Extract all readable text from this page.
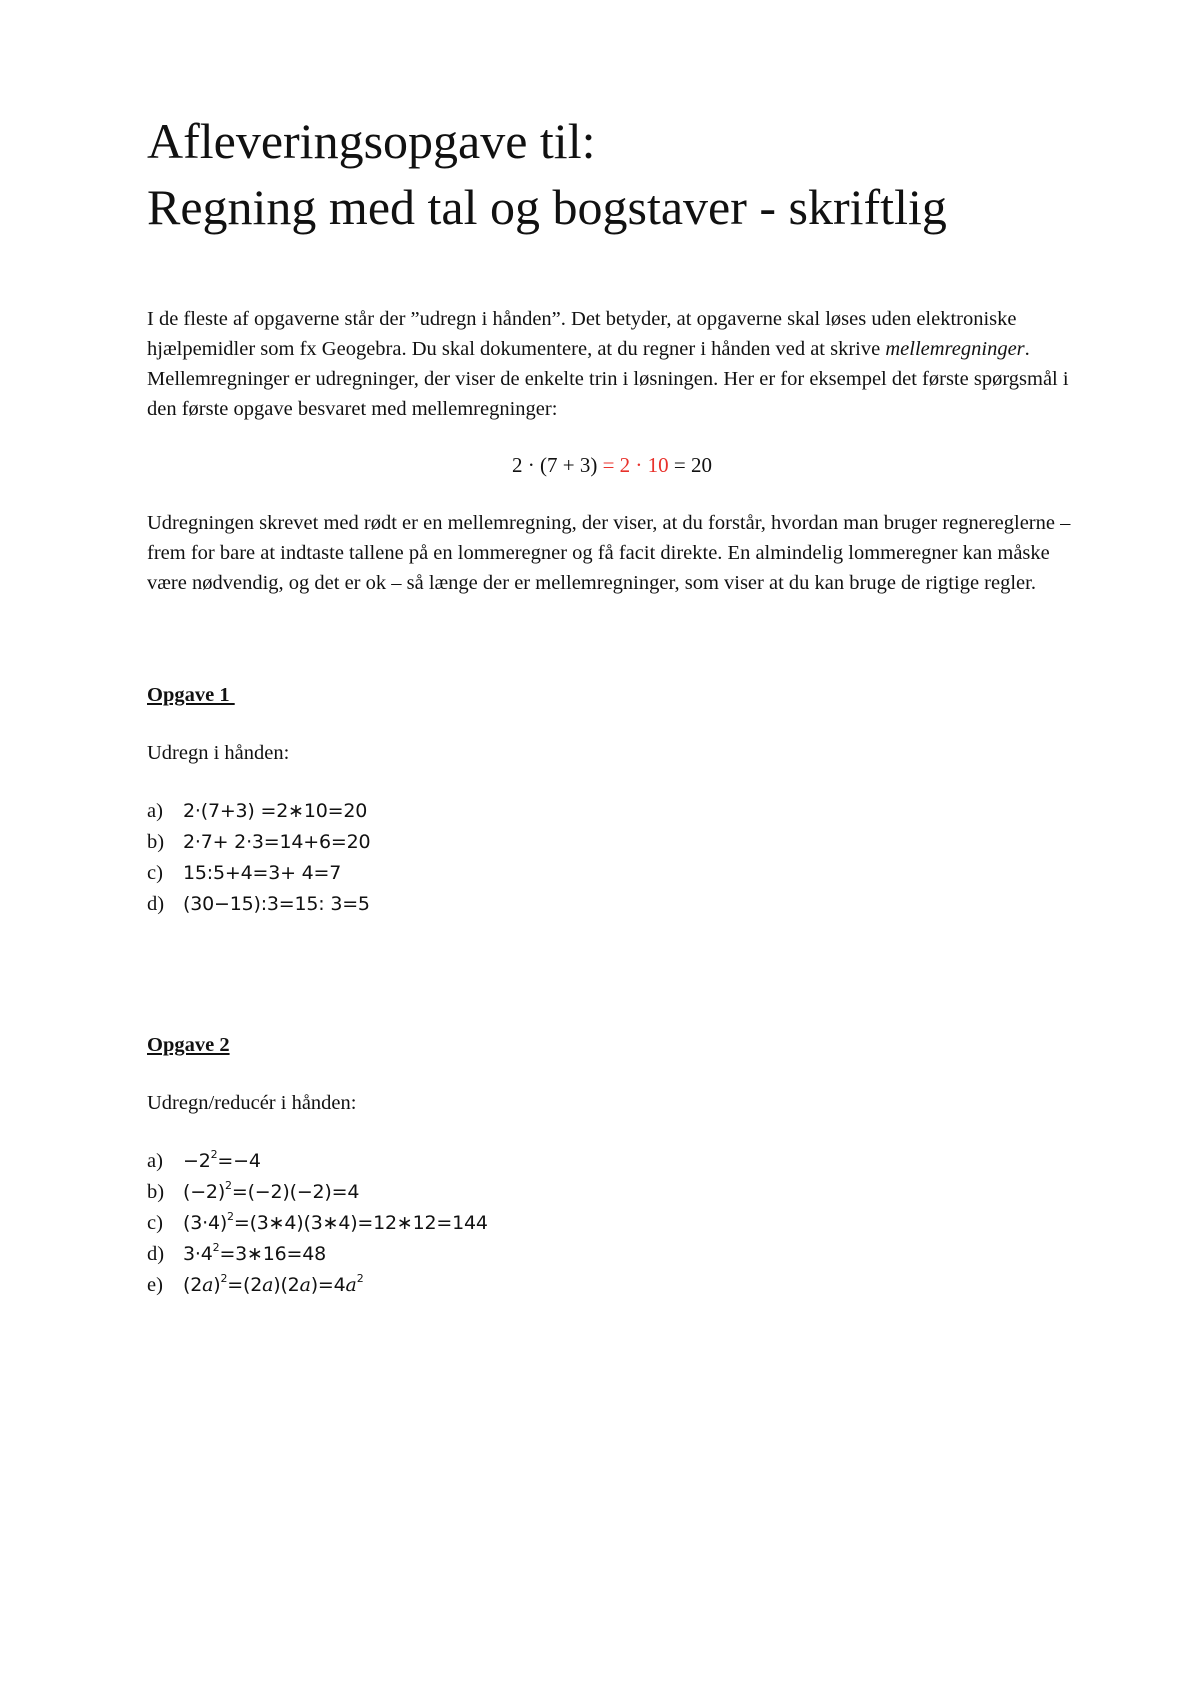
Afleveringsopgave til:
Regning med tal og bogstaver - skriftlig

I de fleste af opgaverne står der ”udregn i hånden”. Det betyder, at opgaverne skal løses uden elektroniske hjælpemidler som fx Geogebra. Du skal dokumentere, at du regner i hånden ved at skrive mellemregninger. Mellemregninger er udregninger, der viser de enkelte trin i løsningen. Her er for eksempel det første spørgsmål i den første opgave besvaret med mellemregninger:

2 · (7 + 3) = 2 · 10 = 20
Udregningen skrevet med rødt er en mellemregning, der viser, at du forstår, hvordan man bruger regnereglerne – frem for bare at indtaste tallene på en lommeregner og få facit direkte. En almindelig lommeregner kan måske være nødvendig, og det er ok – så længe der er mellemregninger, som viser at du kan bruge de rigtige regler.
Opgave 1
Udregn i hånden:
a)	2·(7+3) =2∗10=20
b) 2·7+ 2·3=14+6=20
c)	15:5+4=3+ 4=7
d) (30−15):3=15: 3=5
Opgave 2
Udregn/reducér i hånden:
a)	$-2^2=-4$
b) $(-2)^2=(-2)(-2)=4$
c)	$(3\cdot 4)^2=(3∗4)(3∗4)=12∗12=144$
d) $3\cdot 4^2=3∗16=48$
e)	$(2a)^2=(2a)(2a)=4a^2$
